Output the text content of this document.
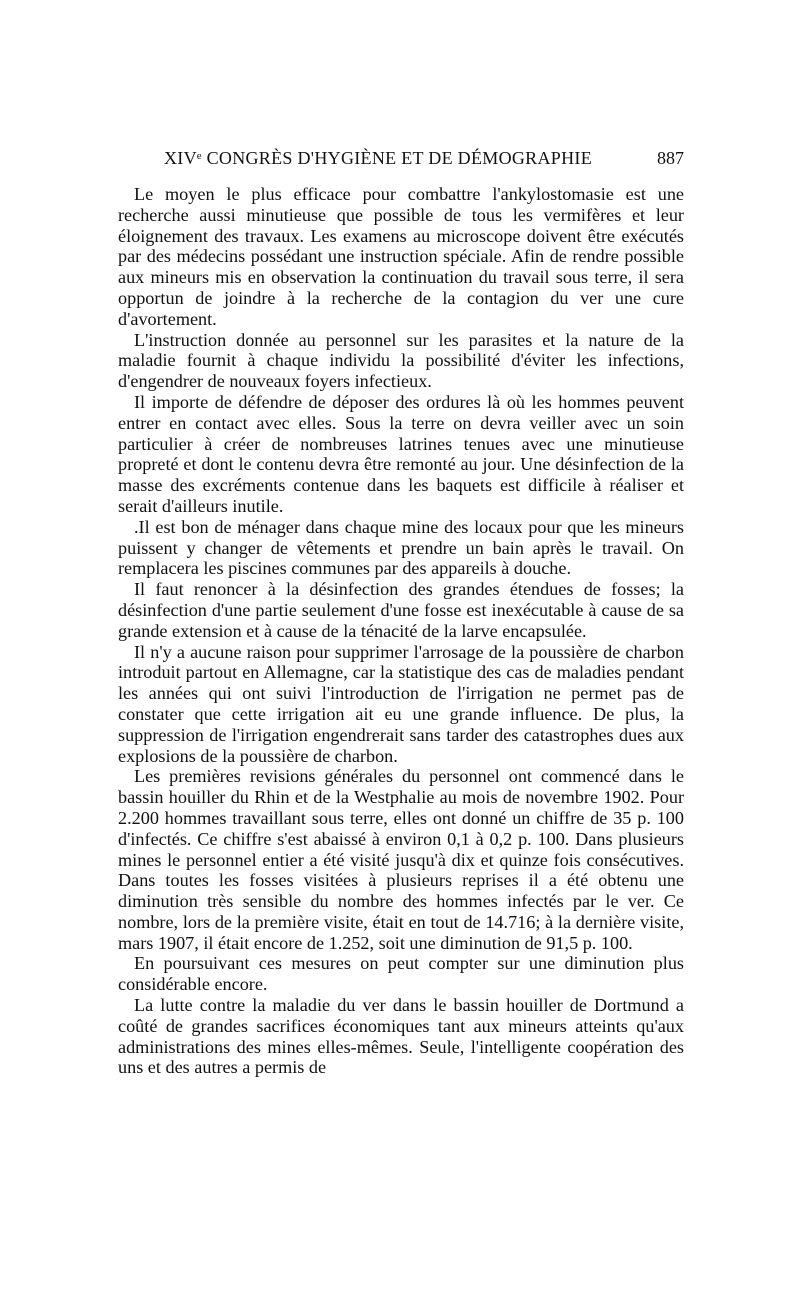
XIVᵉ CONGRÈS D'HYGIÈNE ET DE DÉMOGRAPHIE	887

Le moyen le plus efficace pour combattre l'ankylostomasie est une recherche aussi minutieuse que possible de tous les vermifères et leur éloignement des travaux. Les examens au microscope doivent être exécutés par des médecins possédant une instruction spéciale. Afin de rendre possible aux mineurs mis en observation la continuation du travail sous terre, il sera opportun de joindre à la recherche de la contagion du ver une cure d'avortement.

L'instruction donnée au personnel sur les parasites et la nature de la maladie fournit à chaque individu la possibilité d'éviter les infections, d'engendrer de nouveaux foyers infectieux.

Il importe de défendre de déposer des ordures là où les hommes peuvent entrer en contact avec elles. Sous la terre on devra veiller avec un soin particulier à créer de nombreuses latrines tenues avec une minutieuse propreté et dont le contenu devra être remonté au jour. Une désinfection de la masse des excréments contenue dans les baquets est difficile à réaliser et serait d'ailleurs inutile.

.Il est bon de ménager dans chaque mine des locaux pour que les mineurs puissent y changer de vêtements et prendre un bain après le travail. On remplacera les piscines communes par des appareils à douche.

Il faut renoncer à la désinfection des grandes étendues de fosses; la désinfection d'une partie seulement d'une fosse est inexécutable à cause de sa grande extension et à cause de la ténacité de la larve encapsulée.

Il n'y a aucune raison pour supprimer l'arrosage de la poussière de charbon introduit partout en Allemagne, car la statistique des cas de maladies pendant les années qui ont suivi l'introduction de l'irrigation ne permet pas de constater que cette irrigation ait eu une grande influence. De plus, la suppression de l'irrigation engendrerait sans tarder des catastrophes dues aux explosions de la poussière de charbon.

Les premières revisions générales du personnel ont commencé dans le bassin houiller du Rhin et de la Westphalie au mois de novembre 1902. Pour 2.200 hommes travaillant sous terre, elles ont donné un chiffre de 35 p. 100 d'infectés. Ce chiffre s'est abaissé à environ 0,1 à 0,2 p. 100. Dans plusieurs mines le personnel entier a été visité jusqu'à dix et quinze fois consécutives. Dans toutes les fosses visitées à plusieurs reprises il a été obtenu une diminution très sensible du nombre des hommes infectés par le ver. Ce nombre, lors de la première visite, était en tout de 14.716; à la dernière visite, mars 1907, il était encore de 1.252, soit une diminution de 91,5 p. 100.

En poursuivant ces mesures on peut compter sur une diminution plus considérable encore.

La lutte contre la maladie du ver dans le bassin houiller de Dortmund a coûté de grandes sacrifices économiques tant aux mineurs atteints qu'aux administrations des mines elles-mêmes. Seule, l'intelligente coopération des uns et des autres a permis de
